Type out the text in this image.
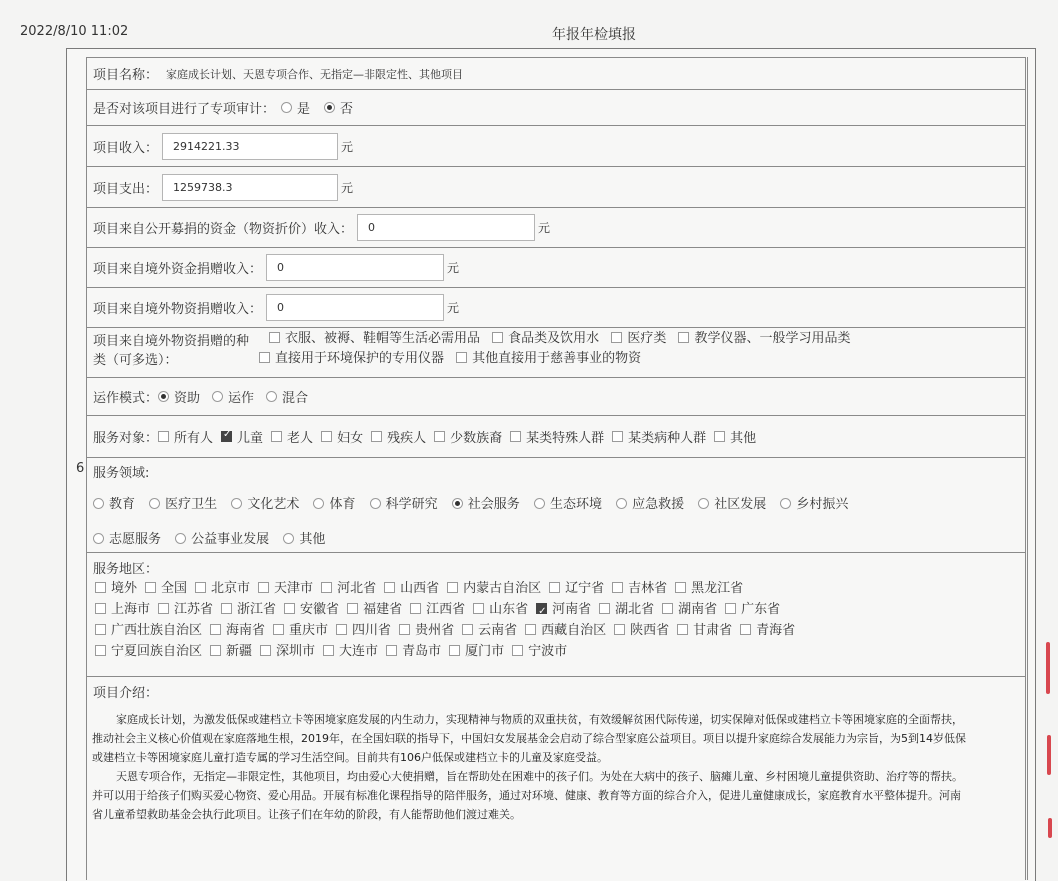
2022/8/10 11:02	年报年检填报
6
项目名称： 家庭成长计划、天恩专项合作、无指定—非限定性、其他项目
是否对该项目进行了专项审计： 是 否
项目收入：	2914221.33	元
项目支出：	1259738.3	元
项目来自公开募捐的资金（物资折价）收入：	0	元
项目来自境外资金捐赠收入：	0	元
项目来自境外物资捐赠收入：	0	元
项目来自境外物资捐赠的种
类（可多选）：
衣服、被褥、鞋帽等生活必需用品 食品类及饮用水 医疗类 教学仪器、一般学习用品类
直接用于环境保护的专用仪器 其他直接用于慈善事业的物资
运作模式： 资助 运作 混合
服务对象： 所有人 ✓ 儿童 老人 妇女 残疾人 少数族裔 某类特殊人群 某类病种人群 其他
服务领域:
教育 医疗卫生 文化艺术 体育 科学研究 社会服务 生态环境 应急救援 社区发展 乡村振兴
志愿服务 公益事业发展 其他
服务地区：
境外 全国 北京市 天津市 河北省 山西省 内蒙古自治区 辽宁省 吉林省 黑龙江省
上海市 江苏省 浙江省 安徽省 福建省 江西省 山东省 ✓ 河南省 湖北省 湖南省 广东省
广西壮族自治区 海南省 重庆市 四川省 贵州省 云南省 西藏自治区 陕西省 甘肃省 青海省
宁夏回族自治区 新疆 深圳市 大连市 青岛市 厦门市 宁波市
项目介绍：

家庭成长计划，为激发低保或建档立卡等困境家庭发展的内生动力，实现精神与物质的双重扶贫，有效缓解贫困代际传递，切实保障对低保或建档立卡等困境家庭的全面帮扶，推动社会主义核心价值观在家庭落地生根，2019年，在全国妇联的指导下，中国妇女发展基金会启动了综合型家庭公益项目。项目以提升家庭综合发展能力为宗旨，为5到14岁低保或建档立卡等困境家庭儿童打造专属的学习生活空间。目前共有106户低保或建档立卡的儿童及家庭受益。

天恩专项合作，无指定—非限定性，其他项目，均由爱心大使捐赠，旨在帮助处在困难中的孩子们。为处在大病中的孩子、脑瘫儿童、乡村困境儿童提供资助、治疗等的帮扶。并可以用于给孩子们购买爱心物资、爱心用品。开展有标准化课程指导的陪伴服务，通过对环境、健康、教育等方面的综合介入，促进儿童健康成长，家庭教育水平整体提升。河南省儿童希望救助基金会执行此项目。让孩子们在年幼的阶段，有人能帮助他们渡过难关。
